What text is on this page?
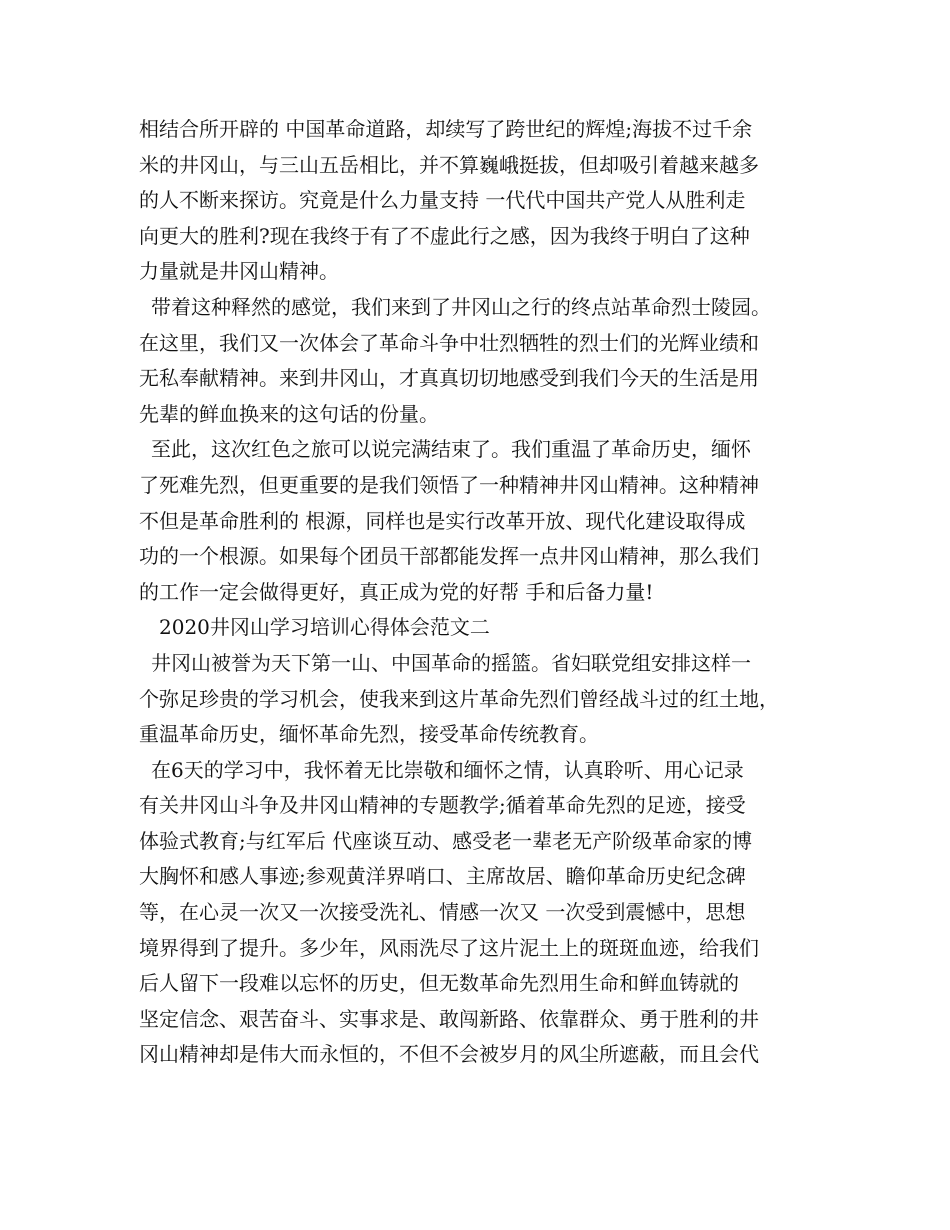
相结合所开辟的 中国革命道路，却续写了跨世纪的辉煌;海拔不过千余
米的井冈山，与三山五岳相比，并不算巍峨挺拔，但却吸引着越来越多
的人不断来探访。究竟是什么力量支持 一代代中国共产党人从胜利走
向更大的胜利?现在我终于有了不虚此行之感，因为我终于明白了这种
力量就是井冈山精神。
带着这种释然的感觉，我们来到了井冈山之行的终点站革命烈士陵园。
在这里，我们又一次体会了革命斗争中壮烈牺牲的烈士们的光辉业绩和
无私奉献精神。来到井冈山，才真真切切地感受到我们今天的生活是用
先辈的鲜血换来的这句话的份量。
至此，这次红色之旅可以说完满结束了。我们重温了革命历史，缅怀
了死难先烈，但更重要的是我们领悟了一种精神井冈山精神。这种精神
不但是革命胜利的 根源，同样也是实行改革开放、现代化建设取得成
功的一个根源。如果每个团员干部都能发挥一点井冈山精神，那么我们
的工作一定会做得更好，真正成为党的好帮 手和后备力量!
2020井冈山学习培训心得体会范文二
井冈山被誉为天下第一山、中国革命的摇篮。省妇联党组安排这样一
个弥足珍贵的学习机会，使我来到这片革命先烈们曾经战斗过的红土地，
重温革命历史，缅怀革命先烈，接受革命传统教育。
在6天的学习中，我怀着无比崇敬和缅怀之情，认真聆听、用心记录
有关井冈山斗争及井冈山精神的专题教学;循着革命先烈的足迹，接受
体验式教育;与红军后 代座谈互动、感受老一辈老无产阶级革命家的博
大胸怀和感人事迹;参观黄洋界哨口、主席故居、瞻仰革命历史纪念碑
等，在心灵一次又一次接受洗礼、情感一次又 一次受到震憾中，思想
境界得到了提升。多少年，风雨洗尽了这片泥土上的斑斑血迹，给我们
后人留下一段难以忘怀的历史，但无数革命先烈用生命和鲜血铸就的
坚定信念、艰苦奋斗、实事求是、敢闯新路、依靠群众、勇于胜利的井
冈山精神却是伟大而永恒的，不但不会被岁月的风尘所遮蔽，而且会代
